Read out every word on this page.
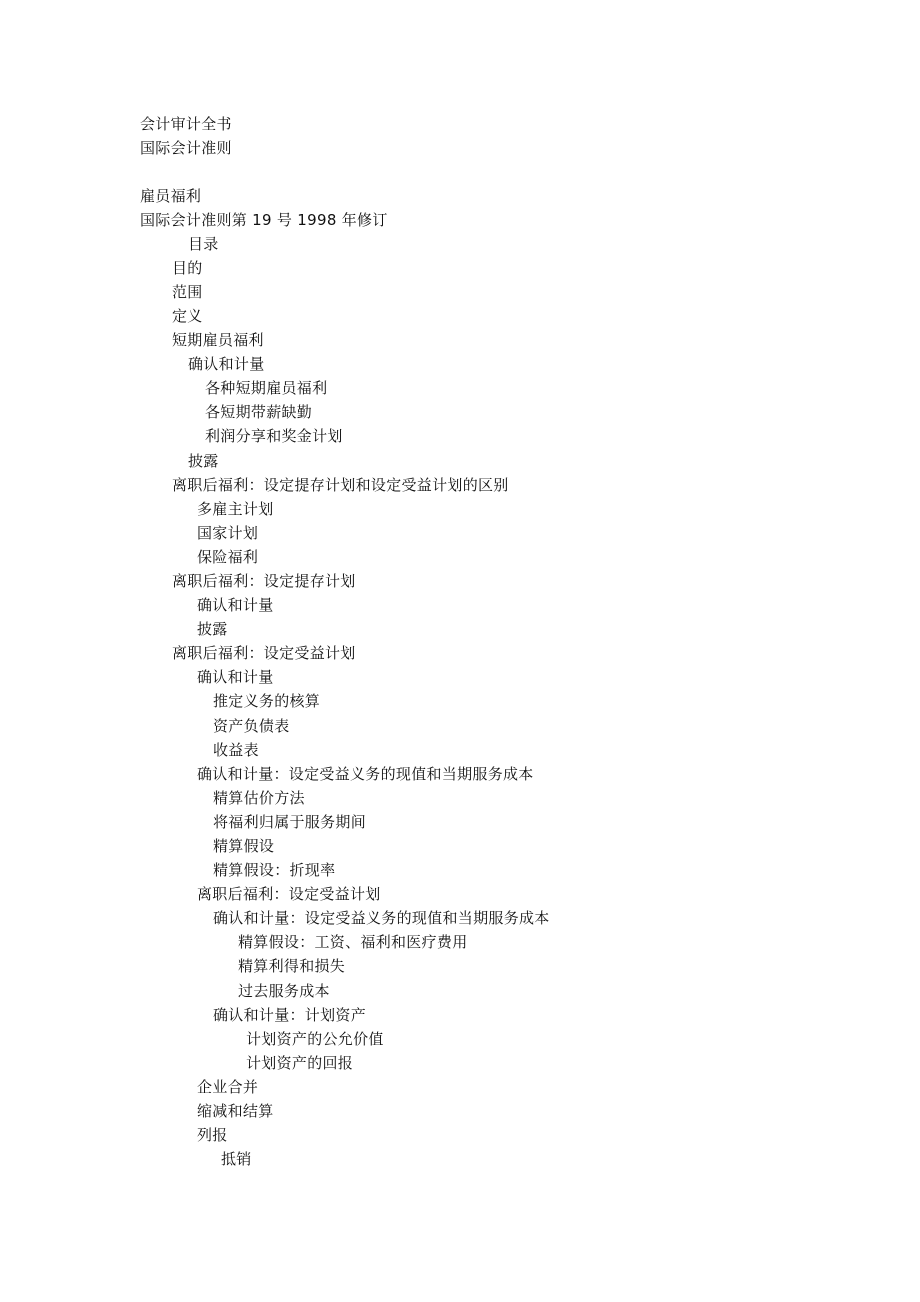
会计审计全书
国际会计准则
雇员福利
国际会计准则第 19 号 1998 年修订
目录
目的
范围
定义
短期雇员福利
确认和计量
各种短期雇员福利
各短期带薪缺勤
利润分享和奖金计划
披露
离职后福利：设定提存计划和设定受益计划的区别
多雇主计划
国家计划
保险福利
离职后福利：设定提存计划
确认和计量
披露
离职后福利：设定受益计划
确认和计量
推定义务的核算
资产负债表
收益表
确认和计量：设定受益义务的现值和当期服务成本
精算估价方法
将福利归属于服务期间
精算假设
精算假设：折现率
离职后福利：设定受益计划
确认和计量：设定受益义务的现值和当期服务成本
精算假设：工资、福利和医疗费用
精算利得和损失
过去服务成本
确认和计量：计划资产
计划资产的公允价值
计划资产的回报
企业合并
缩减和结算
列报
抵销
